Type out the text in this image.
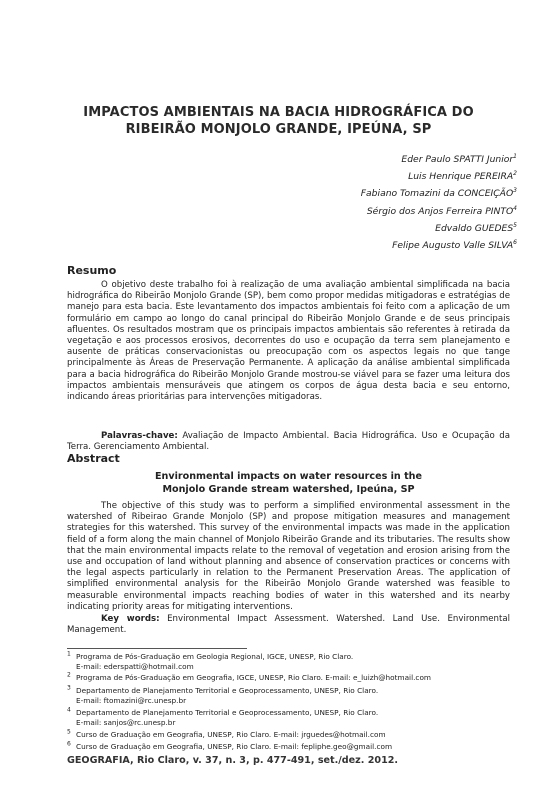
IMPACTOS AMBIENTAIS NA BACIA HIDROGRÁFICA DO
RIBEIRÃO MONJOLO GRANDE, IPEÚNA, SP
Eder Paulo SPATTI Junior$^1$
Luis Henrique PEREIRA$^2$
Fabiano Tomazini da CONCEIÇÃO$^3$
Sérgio dos Anjos Ferreira PINTO$^4$
Edvaldo GUEDES$^5$
Felipe Augusto Valle SILVA$^6$
Resumo
O objetivo deste trabalho foi à realização de uma avaliação ambiental simplificada na bacia hidrográfica do Ribeirão Monjolo Grande (SP), bem como propor medidas mitigadoras e estratégias de manejo para esta bacia. Este levantamento dos impactos ambientais foi feito com a aplicação de um formulário em campo ao longo do canal principal do Ribeirão Monjolo Grande e de seus principais afluentes. Os resultados mostram que os principais impactos ambientais são referentes à retirada da vegetação e aos processos erosivos, decorrentes do uso e ocupação da terra sem planejamento e ausente de práticas conservacionistas ou preocupação com os aspectos legais no que tange principalmente às Áreas de Preservação Permanente. A aplicação da análise ambiental simplificada para a bacia hidrográfica do Ribeirão Monjolo Grande mostrou-se viável para se fazer uma leitura dos impactos ambientais mensuráveis que atingem os corpos de água desta bacia e seu entorno, indicando áreas prioritárias para intervenções mitigadoras.
Palavras-chave: Avaliação de Impacto Ambiental. Bacia Hidrográfica. Uso e Ocupação da Terra. Gerenciamento Ambiental.
Abstract
Environmental impacts on water resources in the
Monjolo Grande stream watershed, Ipeúna, SP
The objective of this study was to perform a simplified environmental assessment in the watershed of Ribeirao Grande Monjolo (SP) and propose mitigation measures and management strategies for this watershed. This survey of the environmental impacts was made in the application field of a form along the main channel of Monjolo Ribeirão Grande and its tributaries. The results show that the main environmental impacts relate to the removal of vegetation and erosion arising from the use and occupation of land without planning and absence of conservation practices or concerns with the legal aspects particularly in relation to the Permanent Preservation Areas. The application of simplified environmental analysis for the Ribeirão Monjolo Grande watershed was feasible to measurable environmental impacts reaching bodies of water in this watershed and its nearby indicating priority areas for mitigating interventions.
Key words: Environmental Impact Assessment. Watershed. Land Use. Environmental Management.
$^1$ Programa de Pós-Graduação em Geologia Regional, IGCE, UNESP, Rio Claro.
E-mail: ederspatti@hotmail.com
$^2$ Programa de Pós-Graduação em Geografia, IGCE, UNESP, Rio Claro. E-mail: e_luizh@hotmail.com
$^3$ Departamento de Planejamento Territorial e Geoprocessamento, UNESP, Rio Claro.
E-mail: ftomazini@rc.unesp.br
$^4$ Departamento de Planejamento Territorial e Geoprocessamento, UNESP, Rio Claro.
E-mail: sanjos@rc.unesp.br
$^5$ Curso de Graduação em Geografia, UNESP, Rio Claro. E-mail: jrguedes@hotmail.com
$^6$ Curso de Graduação em Geografia, UNESP, Rio Claro. E-mail: fepliphe.geo@gmail.com
GEOGRAFIA, Rio Claro, v. 37, n. 3, p. 477-491, set./dez. 2012.
